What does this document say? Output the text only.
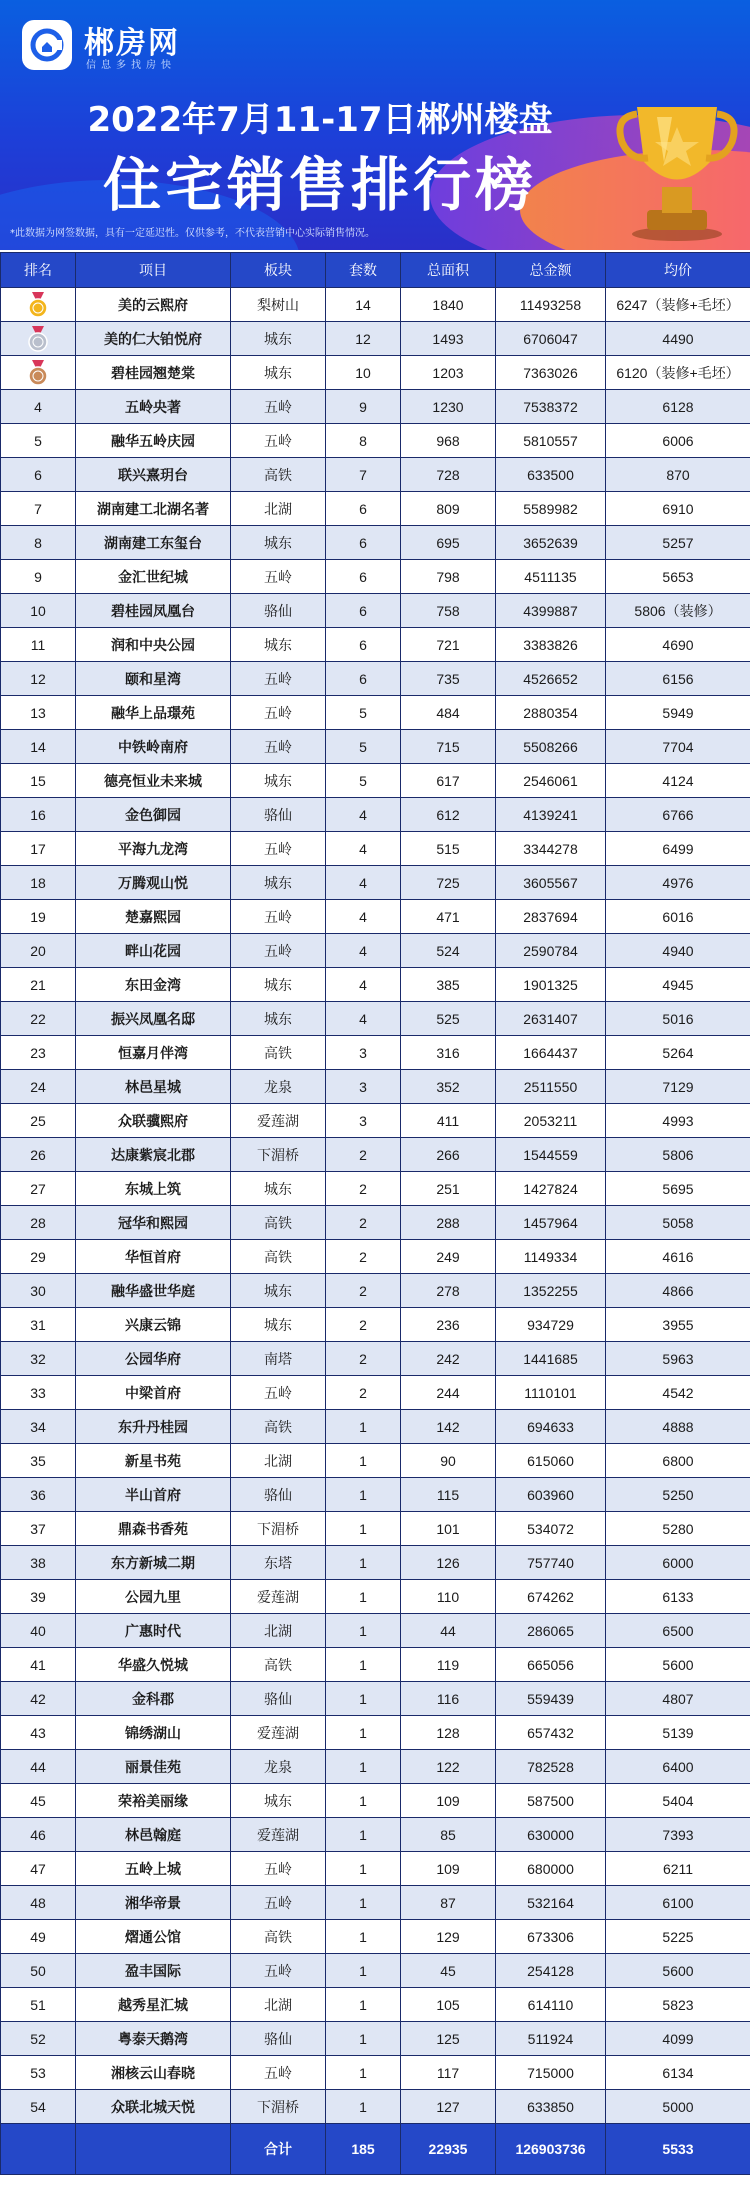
郴房网
信息多找房快
2022年7月11-17日郴州楼盘
住宅销售排行榜
*此数据为网签数据，具有一定延迟性。仅供参考，不代表营销中心实际销售情况。
排名	项目	板块	套数	总面积	总金额	均价
	美的云熙府	梨树山	14	1840	11493258	6247（装修+毛坯）
	美的仁大铂悦府	城东	12	1493	6706047	4490
	碧桂园翘楚棠	城东	10	1203	7363026	6120（装修+毛坯）
4	五岭央著	五岭	9	1230	7538372	6128
5	融华五岭庆园	五岭	8	968	5810557	6006
6	联兴熹玥台	高铁	7	728	633500	870
7	湖南建工北湖名著	北湖	6	809	5589982	6910
8	湖南建工东玺台	城东	6	695	3652639	5257
9	金汇世纪城	五岭	6	798	4511135	5653
10	碧桂园凤凰台	骆仙	6	758	4399887	5806（装修）
11	润和中央公园	城东	6	721	3383826	4690
12	颐和星湾	五岭	6	735	4526652	6156
13	融华上品璟苑	五岭	5	484	2880354	5949
14	中铁岭南府	五岭	5	715	5508266	7704
15	德亮恒业未来城	城东	5	617	2546061	4124
16	金色御园	骆仙	4	612	4139241	6766
17	平海九龙湾	五岭	4	515	3344278	6499
18	万腾观山悦	城东	4	725	3605567	4976
19	楚嘉熙园	五岭	4	471	2837694	6016
20	畔山花园	五岭	4	524	2590784	4940
21	东田金湾	城东	4	385	1901325	4945
22	振兴凤凰名邸	城东	4	525	2631407	5016
23	恒嘉月伴湾	高铁	3	316	1664437	5264
24	林邑星城	龙泉	3	352	2511550	7129
25	众联骥熙府	爱莲湖	3	411	2053211	4993
26	达康紫宸北郡	下湄桥	2	266	1544559	5806
27	东城上筑	城东	2	251	1427824	5695
28	冠华和熙园	高铁	2	288	1457964	5058
29	华恒首府	高铁	2	249	1149334	4616
30	融华盛世华庭	城东	2	278	1352255	4866
31	兴康云锦	城东	2	236	934729	3955
32	公园华府	南塔	2	242	1441685	5963
33	中梁首府	五岭	2	244	1110101	4542
34	东升丹桂园	高铁	1	142	694633	4888
35	新星书苑	北湖	1	90	615060	6800
36	半山首府	骆仙	1	115	603960	5250
37	鼎森书香苑	下湄桥	1	101	534072	5280
38	东方新城二期	东塔	1	126	757740	6000
39	公园九里	爱莲湖	1	110	674262	6133
40	广惠时代	北湖	1	44	286065	6500
41	华盛久悦城	高铁	1	119	665056	5600
42	金科郡	骆仙	1	116	559439	4807
43	锦绣湖山	爱莲湖	1	128	657432	5139
44	丽景佳苑	龙泉	1	122	782528	6400
45	荣裕美丽缘	城东	1	109	587500	5404
46	林邑翰庭	爱莲湖	1	85	630000	7393
47	五岭上城	五岭	1	109	680000	6211
48	湘华帝景	五岭	1	87	532164	6100
49	熠通公馆	高铁	1	129	673306	5225
50	盈丰国际	五岭	1	45	254128	5600
51	越秀星汇城	北湖	1	105	614110	5823
52	粤泰天鹅湾	骆仙	1	125	511924	4099
53	湘核云山春晓	五岭	1	117	715000	6134
54	众联北城天悦	下湄桥	1	127	633850	5000
		合计	185	22935	126903736	5533
